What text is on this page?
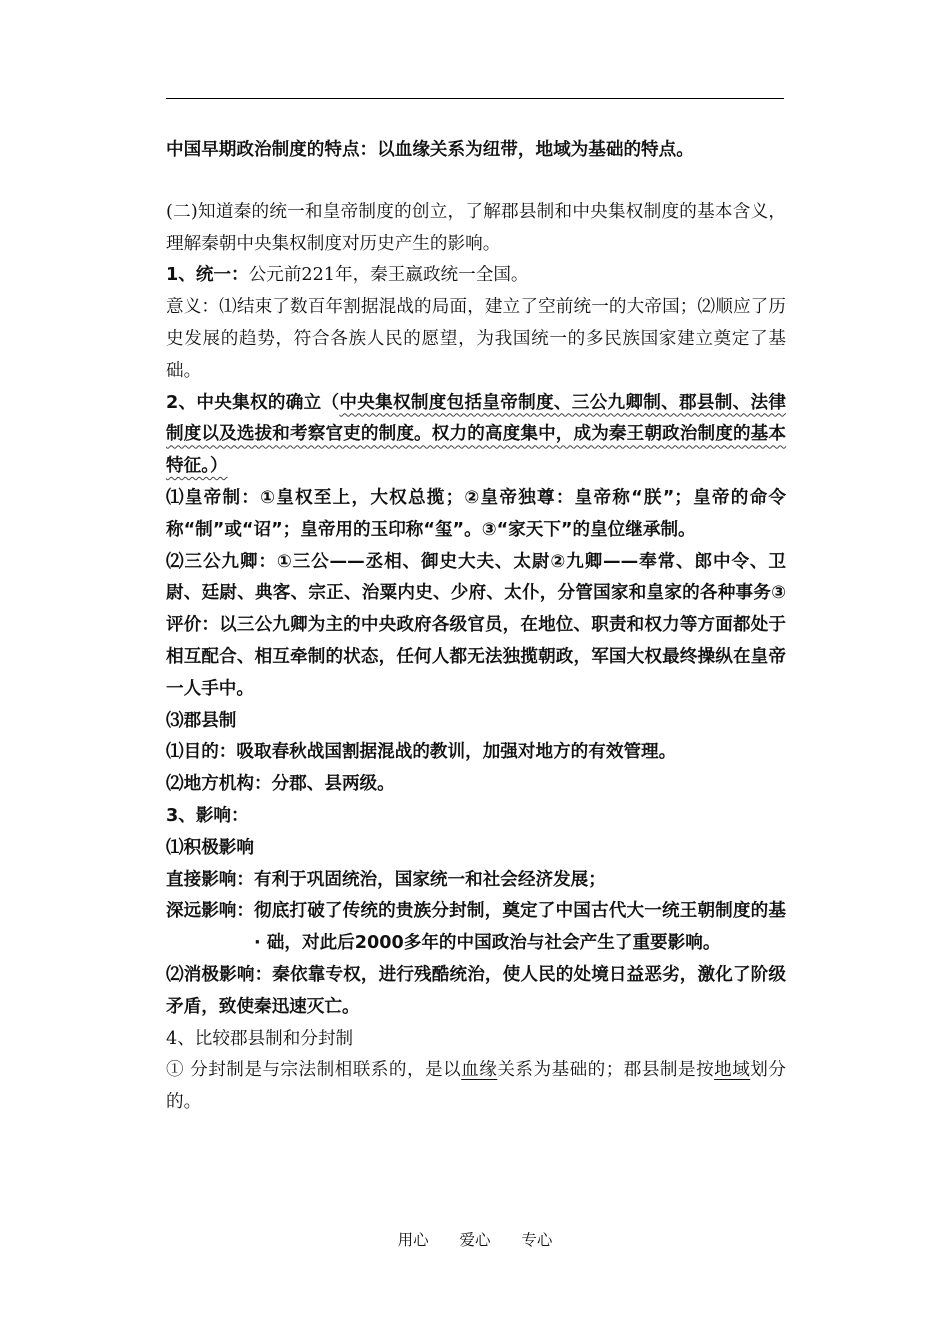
中国早期政治制度的特点：以血缘关系为纽带，地域为基础的特点。

(二)知道秦的统一和皇帝制度的创立，了解郡县制和中央集权制度的基本含义，理解秦朝中央集权制度对历史产生的影响。

1、统一：公元前221年，秦王嬴政统一全国。

意义：⑴结束了数百年割据混战的局面，建立了空前统一的大帝国；⑵顺应了历史发展的趋势，符合各族人民的愿望，为我国统一的多民族国家建立奠定了基础。

2、中央集权的确立（中央集权制度包括皇帝制度、三公九卿制、郡县制、法律制度以及选拔和考察官吏的制度。权力的高度集中，成为秦王朝政治制度的基本特征。）

⑴皇帝制：①皇权至上，大权总揽；②皇帝独尊：皇帝称“朕”；皇帝的命令称“制”或“诏”；皇帝用的玉印称“玺”。③“家天下”的皇位继承制。

⑵三公九卿：①三公——丞相、御史大夫、太尉②九卿——奉常、郎中令、卫尉、廷尉、典客、宗正、治粟内史、少府、太仆，分管国家和皇家的各种事务③评价：以三公九卿为主的中央政府各级官员，在地位、职责和权力等方面都处于相互配合、相互牵制的状态，任何人都无法独揽朝政，军国大权最终操纵在皇帝一人手中。

⑶郡县制

⑴目的：吸取春秋战国割据混战的教训，加强对地方的有效管理。

⑵地方机构：分郡、县两级。

3、影响：

⑴积极影响

直接影响： 有利于巩固统治，国家统一和社会经济发展；
深远影响： 彻底打破了传统的贵族分封制，奠定了中国古代大一统王朝制度的基· 础，对此后2000多年的中国政治与社会产生了重要影响。

⑵消极影响：秦依靠专权，进行残酷统治，使人民的处境日益恶劣，激化了阶级矛盾，致使秦迅速灭亡。

4、比较郡县制和分封制

① 分封制是与宗法制相联系的，是以血缘关系为基础的；郡县制是按地域划分的。

用心 爱心 专心
